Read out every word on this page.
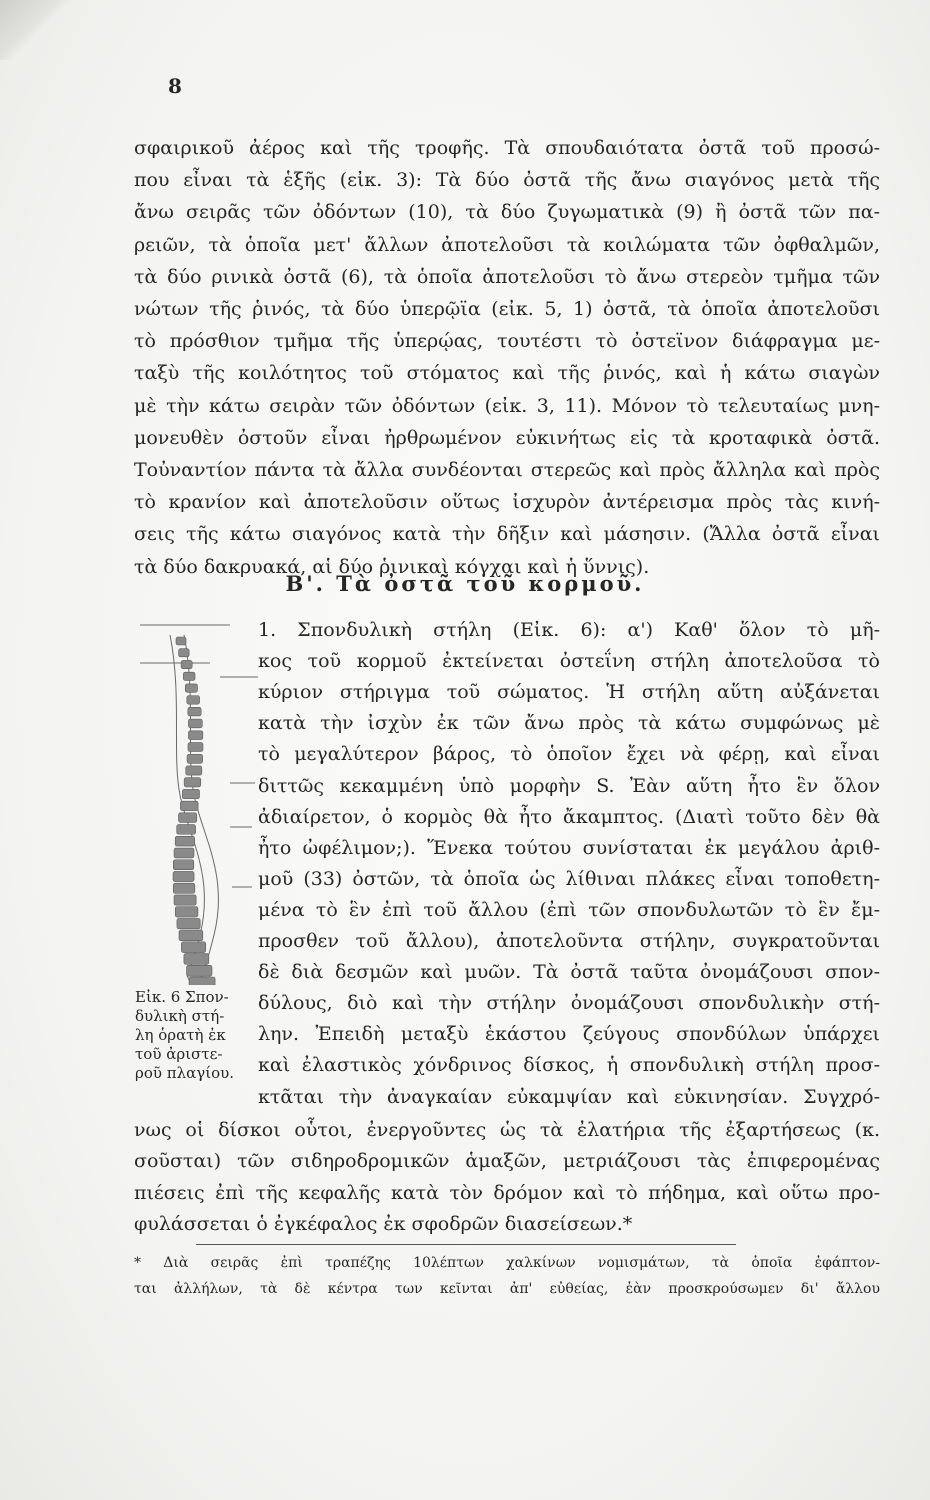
8
σφαιρικοῦ ἀέρος καὶ τῆς τροφῆς. Τὰ σπουδαιότατα ὀστᾶ τοῦ προσώ-
που εἶναι τὰ ἑξῆς (εἰκ. 3): Τὰ δύο ὀστᾶ τῆς ἄνω σιαγόνος μετὰ τῆς
ἄνω σειρᾶς τῶν ὀδόντων (10), τὰ δύο ζυγωματικὰ (9) ἢ ὀστᾶ τῶν πα-
ρειῶν, τὰ ὁποῖα μετ' ἄλλων ἀποτελοῦσι τὰ κοιλώματα τῶν ὀφθαλμῶν,
τὰ δύο ρινικὰ ὀστᾶ (6), τὰ ὁποῖα ἀποτελοῦσι τὸ ἄνω στερεὸν τμῆμα τῶν
νώτων τῆς ῥινός, τὰ δύο ὑπερῷϊα (εἰκ. 5, 1) ὀστᾶ, τὰ ὁποῖα ἀποτελοῦσι
τὸ πρόσθιον τμῆμα τῆς ὑπερῴας, τουτέστι τὸ ὀστεϊνον διάφραγμα με-
ταξὺ τῆς κοιλότητος τοῦ στόματος καὶ τῆς ῥινός, καὶ ἡ κάτω σιαγὼν
μὲ τὴν κάτω σειρὰν τῶν ὀδόντων (εἰκ. 3, 11). Μόνον τὸ τελευταίως μνη-
μονευθὲν ὀστοῦν εἶναι ἠρθρωμένον εὐκινήτως εἰς τὰ κροταφικὰ ὀστᾶ.
Τοὐναντίον πάντα τὰ ἄλλα συνδέονται στερεῶς καὶ πρὸς ἄλληλα καὶ πρὸς
τὸ κρανίον καὶ ἀποτελοῦσιν οὕτως ἰσχυρὸν ἀντέρεισμα πρὸς τὰς κινή-
σεις τῆς κάτω σιαγόνος κατὰ τὴν δῆξιν καὶ μάσησιν. (Ἄλλα ὀστᾶ εἶναι
τὰ δύο δακρυακά, αἱ δύο ῥινικαὶ κόγχαι καὶ ἡ ὕννις).
Β'. Τὰ ὀστᾶ τοῦ κορμοῦ.
1. Σπονδυλικὴ στήλη (Εἰκ. 6): α') Καθ' ὅλον τὸ μῆ-
κος τοῦ κορμοῦ ἐκτείνεται ὀστεΐνη στήλη ἀποτελοῦσα τὸ
κύριον στήριγμα τοῦ σώματος. Ἡ στήλη αὕτη αὐξάνεται
κατὰ τὴν ἰσχὺν ἐκ τῶν ἄνω πρὸς τὰ κάτω συμφώνως μὲ
τὸ μεγαλύτερον βάρος, τὸ ὁποῖον ἔχει νὰ φέρῃ, καὶ εἶναι
διττῶς κεκαμμένη ὑπὸ μορφὴν S. Ἐὰν αὕτη ἦτο ἓν ὅλον
ἀδιαίρετον, ὁ κορμὸς θὰ ἦτο ἄκαμπτος. (Διατὶ τοῦτο δὲν θὰ
ἦτο ὠφέλιμον;). Ἕνεκα τούτου συνίσταται ἐκ μεγάλου ἀριθ-
μοῦ (33) ὀστῶν, τὰ ὁποῖα ὡς λίθιναι πλάκες εἶναι τοποθετη-
μένα τὸ ἓν ἐπὶ τοῦ ἄλλου (ἐπὶ τῶν σπονδυλωτῶν τὸ ἓν ἔμ-
προσθεν τοῦ ἄλλου), ἀποτελοῦντα στήλην, συγκρατοῦνται
δὲ διὰ δεσμῶν καὶ μυῶν. Τὰ ὀστᾶ ταῦτα ὀνομάζουσι σπον-
δύλους, διὸ καὶ τὴν στήλην ὀνομάζουσι σπονδυλικὴν στή-
λην. Ἐπειδὴ μεταξὺ ἑκάστου ζεύγους σπονδύλων ὑπάρχει
καὶ ἐλαστικὸς χόνδρινος δίσκος, ἡ σπονδυλικὴ στήλη προσ-
κτᾶται τὴν ἀναγκαίαν εὐκαμψίαν καὶ εὐκινησίαν. Συγχρό-
Εἰκ. 6 Σπον-
δυλικὴ στή-
λη ὁρατὴ ἐκ
τοῦ ἀριστε-
ροῦ πλαγίου.
νως οἱ δίσκοι οὗτοι, ἐνεργοῦντες ὡς τὰ ἐλατήρια τῆς ἐξαρτήσεως (κ.
σοῦσται) τῶν σιδηροδρομικῶν ἁμαξῶν, μετριάζουσι τὰς ἐπιφερομένας
πιέσεις ἐπὶ τῆς κεφαλῆς κατὰ τὸν δρόμον καὶ τὸ πήδημα, καὶ οὕτω προ-
φυλάσσεται ὁ ἐγκέφαλος ἐκ σφοδρῶν διασείσεων.*
* Διὰ σειρᾶς ἐπὶ τραπέζης 10λέπτων χαλκίνων νομισμάτων, τὰ ὁποῖα ἐφάπτον-
ται ἀλλήλων, τὰ δὲ κέντρα των κεῖνται ἀπ' εὐθείας, ἐὰν προσκρούσωμεν δι' ἄλλου
